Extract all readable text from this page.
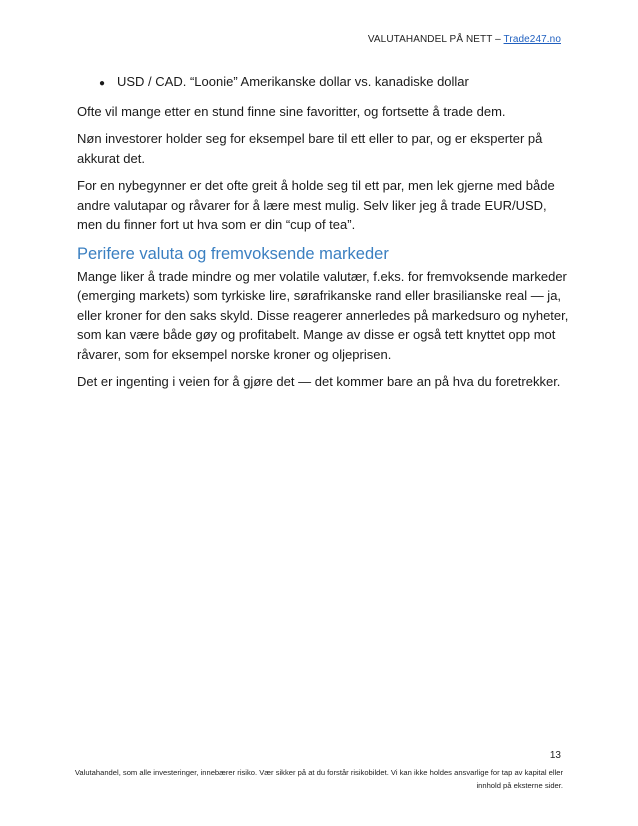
VALUTAHANDEL PÅ NETT – Trade247.no
● USD / CAD. “Loonie” Amerikanske dollar vs. kanadiske dollar

Ofte vil mange etter en stund finne sine favoritter, og fortsette å trade dem.

Nøn investorer holder seg for eksempel bare til ett eller to par, og er eksperter på akkurat det.

For en nybegynner er det ofte greit å holde seg til ett par, men lek gjerne med både andre valutapar og råvarer for å lære mest mulig. Selv liker jeg å trade EUR/USD, men du finner fort ut hva som er din “cup of tea”.

Perifere valuta og fremvoksende markeder

Mange liker å trade mindre og mer volatile valutær, f.eks. for fremvoksende markeder (emerging markets) som tyrkiske lire, sørafrikanske rand eller brasilianske real — ja, eller kroner for den saks skyld. Disse reagerer annerledes på markedsuro og nyheter, som kan være både gøy og profitabelt. Mange av disse er også tett knyttet opp mot råvarer, som for eksempel norske kroner og oljeprisen.

Det er ingenting i veien for å gjøre det — det kommer bare an på hva du foretrekker.

13
Valutahandel, som alle investeringer, innebærer risiko. Vær sikker på at du forstår risikobildet. Vi kan ikke holdes ansvarlige for tap av kapital eller innhold på eksterne sider.
